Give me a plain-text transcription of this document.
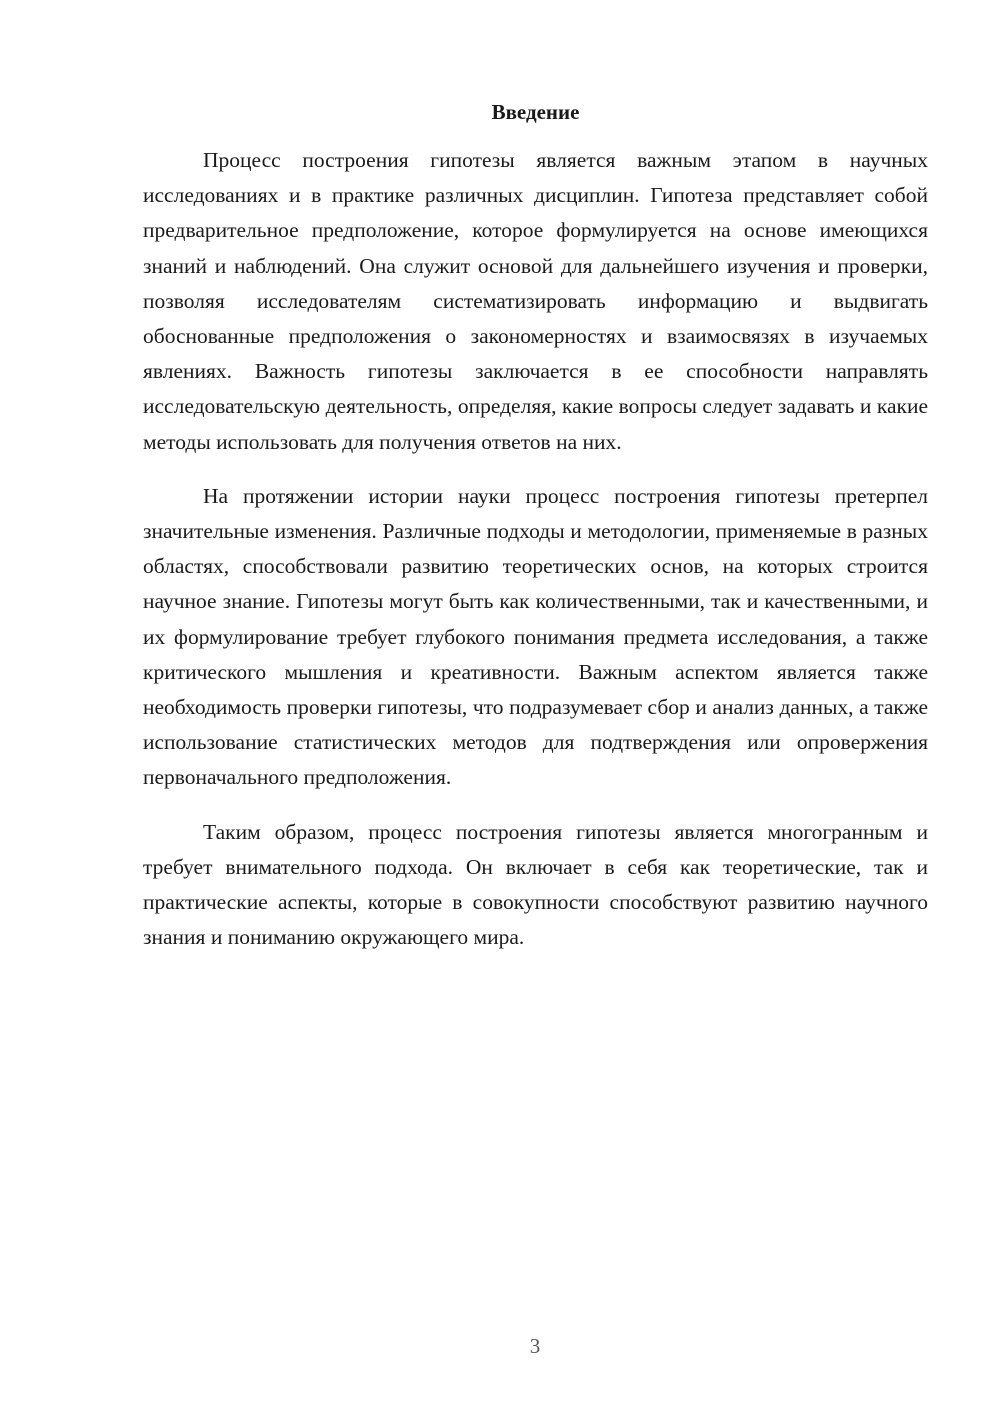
Введение

Процесс построения гипотезы является важным этапом в научных исследованиях и в практике различных дисциплин. Гипотеза представляет собой предварительное предположение, которое формулируется на основе имеющихся знаний и наблюдений. Она служит основой для дальнейшего изучения и проверки, позволяя исследователям систематизировать информацию и выдвигать обоснованные предположения о закономерностях и взаимосвязях в изучаемых явлениях. Важность гипотезы заключается в ее способности направлять исследовательскую деятельность, определяя, какие вопросы следует задавать и какие методы использовать для получения ответов на них.

На протяжении истории науки процесс построения гипотезы претерпел значительные изменения. Различные подходы и методологии, применяемые в разных областях, способствовали развитию теоретических основ, на которых строится научное знание. Гипотезы могут быть как количественными, так и качественными, и их формулирование требует глубокого понимания предмета исследования, а также критического мышления и креативности. Важным аспектом является также необходимость проверки гипотезы, что подразумевает сбор и анализ данных, а также использование статистических методов для подтверждения или опровержения первоначального предположения.

Таким образом, процесс построения гипотезы является многогранным и требует внимательного подхода. Он включает в себя как теоретические, так и практические аспекты, которые в совокупности способствуют развитию научного знания и пониманию окружающего мира.

3
